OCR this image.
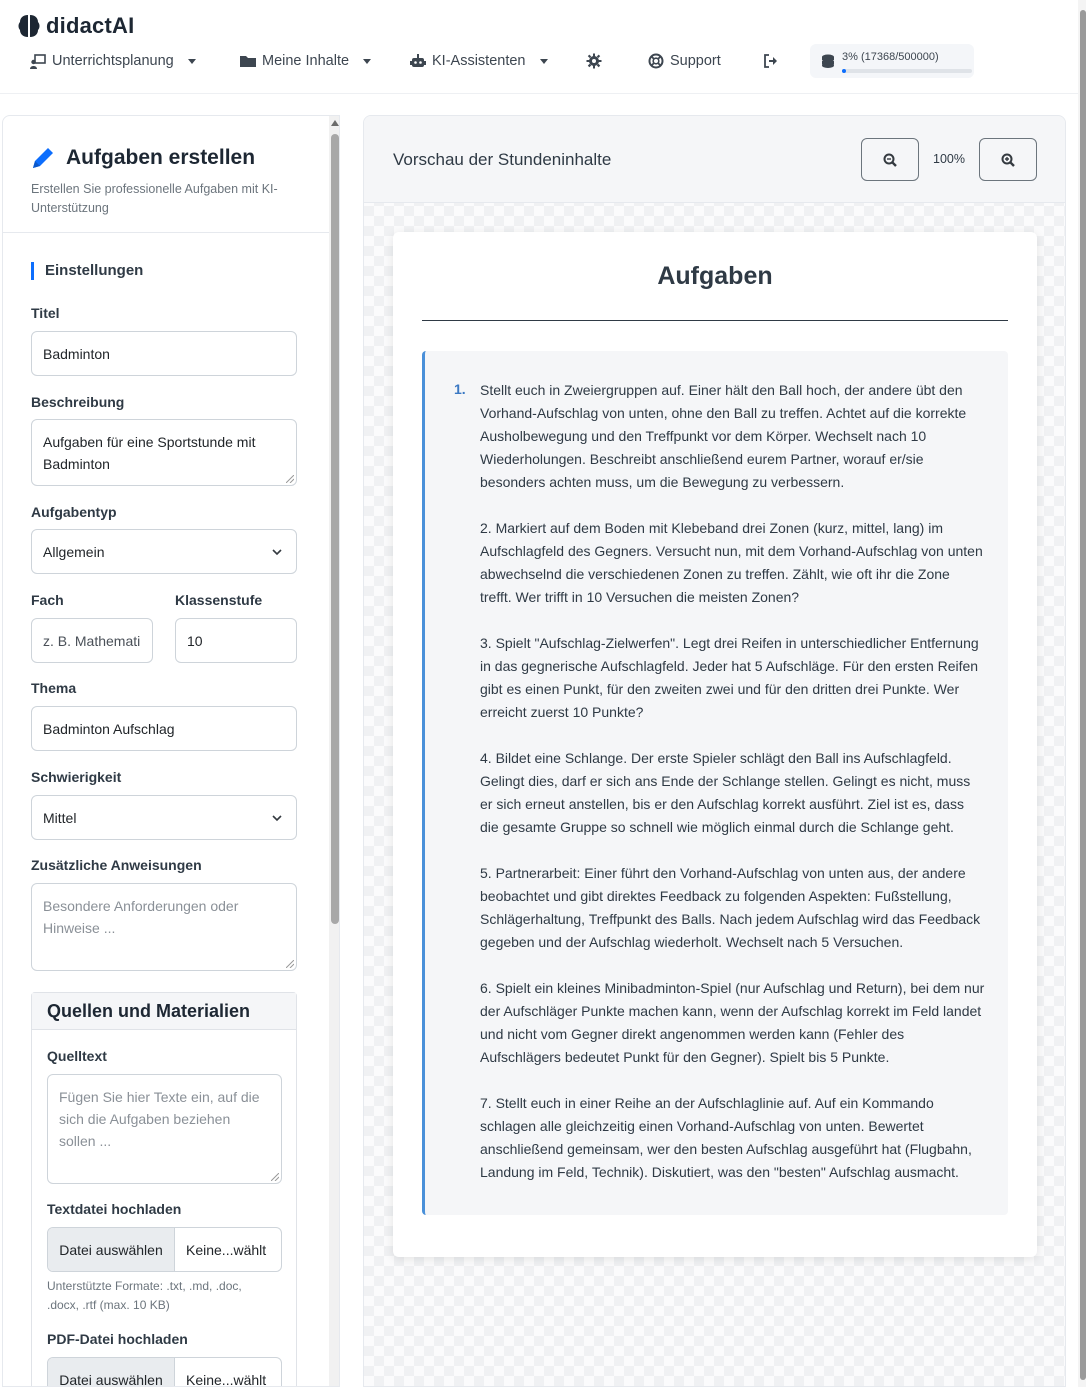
didactAI
Unterrichtsplanung	Meine Inhalte	KI-Assistenten	Support	3% (17368/500000)
Aufgaben erstellen
Erstellen Sie professionelle Aufgaben mit KI-Unterstützung
Einstellungen
Titel
Badminton
Beschreibung
Aufgaben für eine Sportstunde mit Badminton
Aufgabentyp
Allgemein
Fach
z. B. Mathemati
Klassenstufe
10
Thema
Badminton Aufschlag
Schwierigkeit
Mittel
Zusätzliche Anweisungen
Besondere Anforderungen oder Hinweise ...
Quellen und Materialien
Quelltext
Fügen Sie hier Texte ein, auf die sich die Aufgaben beziehen sollen ...
Textdatei hochladen
Datei auswählen	Keine...wählt
Unterstützte Formate: .txt, .md, .doc, .docx, .rtf (max. 10 KB)
PDF-Datei hochladen
Datei auswählen	Keine...wählt
Vorschau der Stundeninhalte	100%
Aufgaben
1. Stellt euch in Zweiergruppen auf. Einer hält den Ball hoch, der andere übt den Vorhand-Aufschlag von unten, ohne den Ball zu treffen. Achtet auf die korrekte Ausholbewegung und den Treffpunkt vor dem Körper. Wechselt nach 10 Wiederholungen. Beschreibt anschließend eurem Partner, worauf er/sie besonders achten muss, um die Bewegung zu verbessern.

2. Markiert auf dem Boden mit Klebeband drei Zonen (kurz, mittel, lang) im Aufschlagfeld des Gegners. Versucht nun, mit dem Vorhand-Aufschlag von unten abwechselnd die verschiedenen Zonen zu treffen. Zählt, wie oft ihr die Zone trefft. Wer trifft in 10 Versuchen die meisten Zonen?

3. Spielt "Aufschlag-Zielwerfen". Legt drei Reifen in unterschiedlicher Entfernung in das gegnerische Aufschlagfeld. Jeder hat 5 Aufschläge. Für den ersten Reifen gibt es einen Punkt, für den zweiten zwei und für den dritten drei Punkte. Wer erreicht zuerst 10 Punkte?

4. Bildet eine Schlange. Der erste Spieler schlägt den Ball ins Aufschlagfeld. Gelingt dies, darf er sich ans Ende der Schlange stellen. Gelingt es nicht, muss er sich erneut anstellen, bis er den Aufschlag korrekt ausführt. Ziel ist es, dass die gesamte Gruppe so schnell wie möglich einmal durch die Schlange geht.

5. Partnerarbeit: Einer führt den Vorhand-Aufschlag von unten aus, der andere beobachtet und gibt direktes Feedback zu folgenden Aspekten: Fußstellung, Schlägerhaltung, Treffpunkt des Balls. Nach jedem Aufschlag wird das Feedback gegeben und der Aufschlag wiederholt. Wechselt nach 5 Versuchen.

6. Spielt ein kleines Minibadminton-Spiel (nur Aufschlag und Return), bei dem nur der Aufschläger Punkte machen kann, wenn der Aufschlag korrekt im Feld landet und nicht vom Gegner direkt angenommen werden kann (Fehler des Aufschlägers bedeutet Punkt für den Gegner). Spielt bis 5 Punkte.

7. Stellt euch in einer Reihe an der Aufschlaglinie auf. Auf ein Kommando schlagen alle gleichzeitig einen Vorhand-Aufschlag von unten. Bewertet anschließend gemeinsam, wer den besten Aufschlag ausgeführt hat (Flugbahn, Landung im Feld, Technik). Diskutiert, was den "besten" Aufschlag ausmacht.
